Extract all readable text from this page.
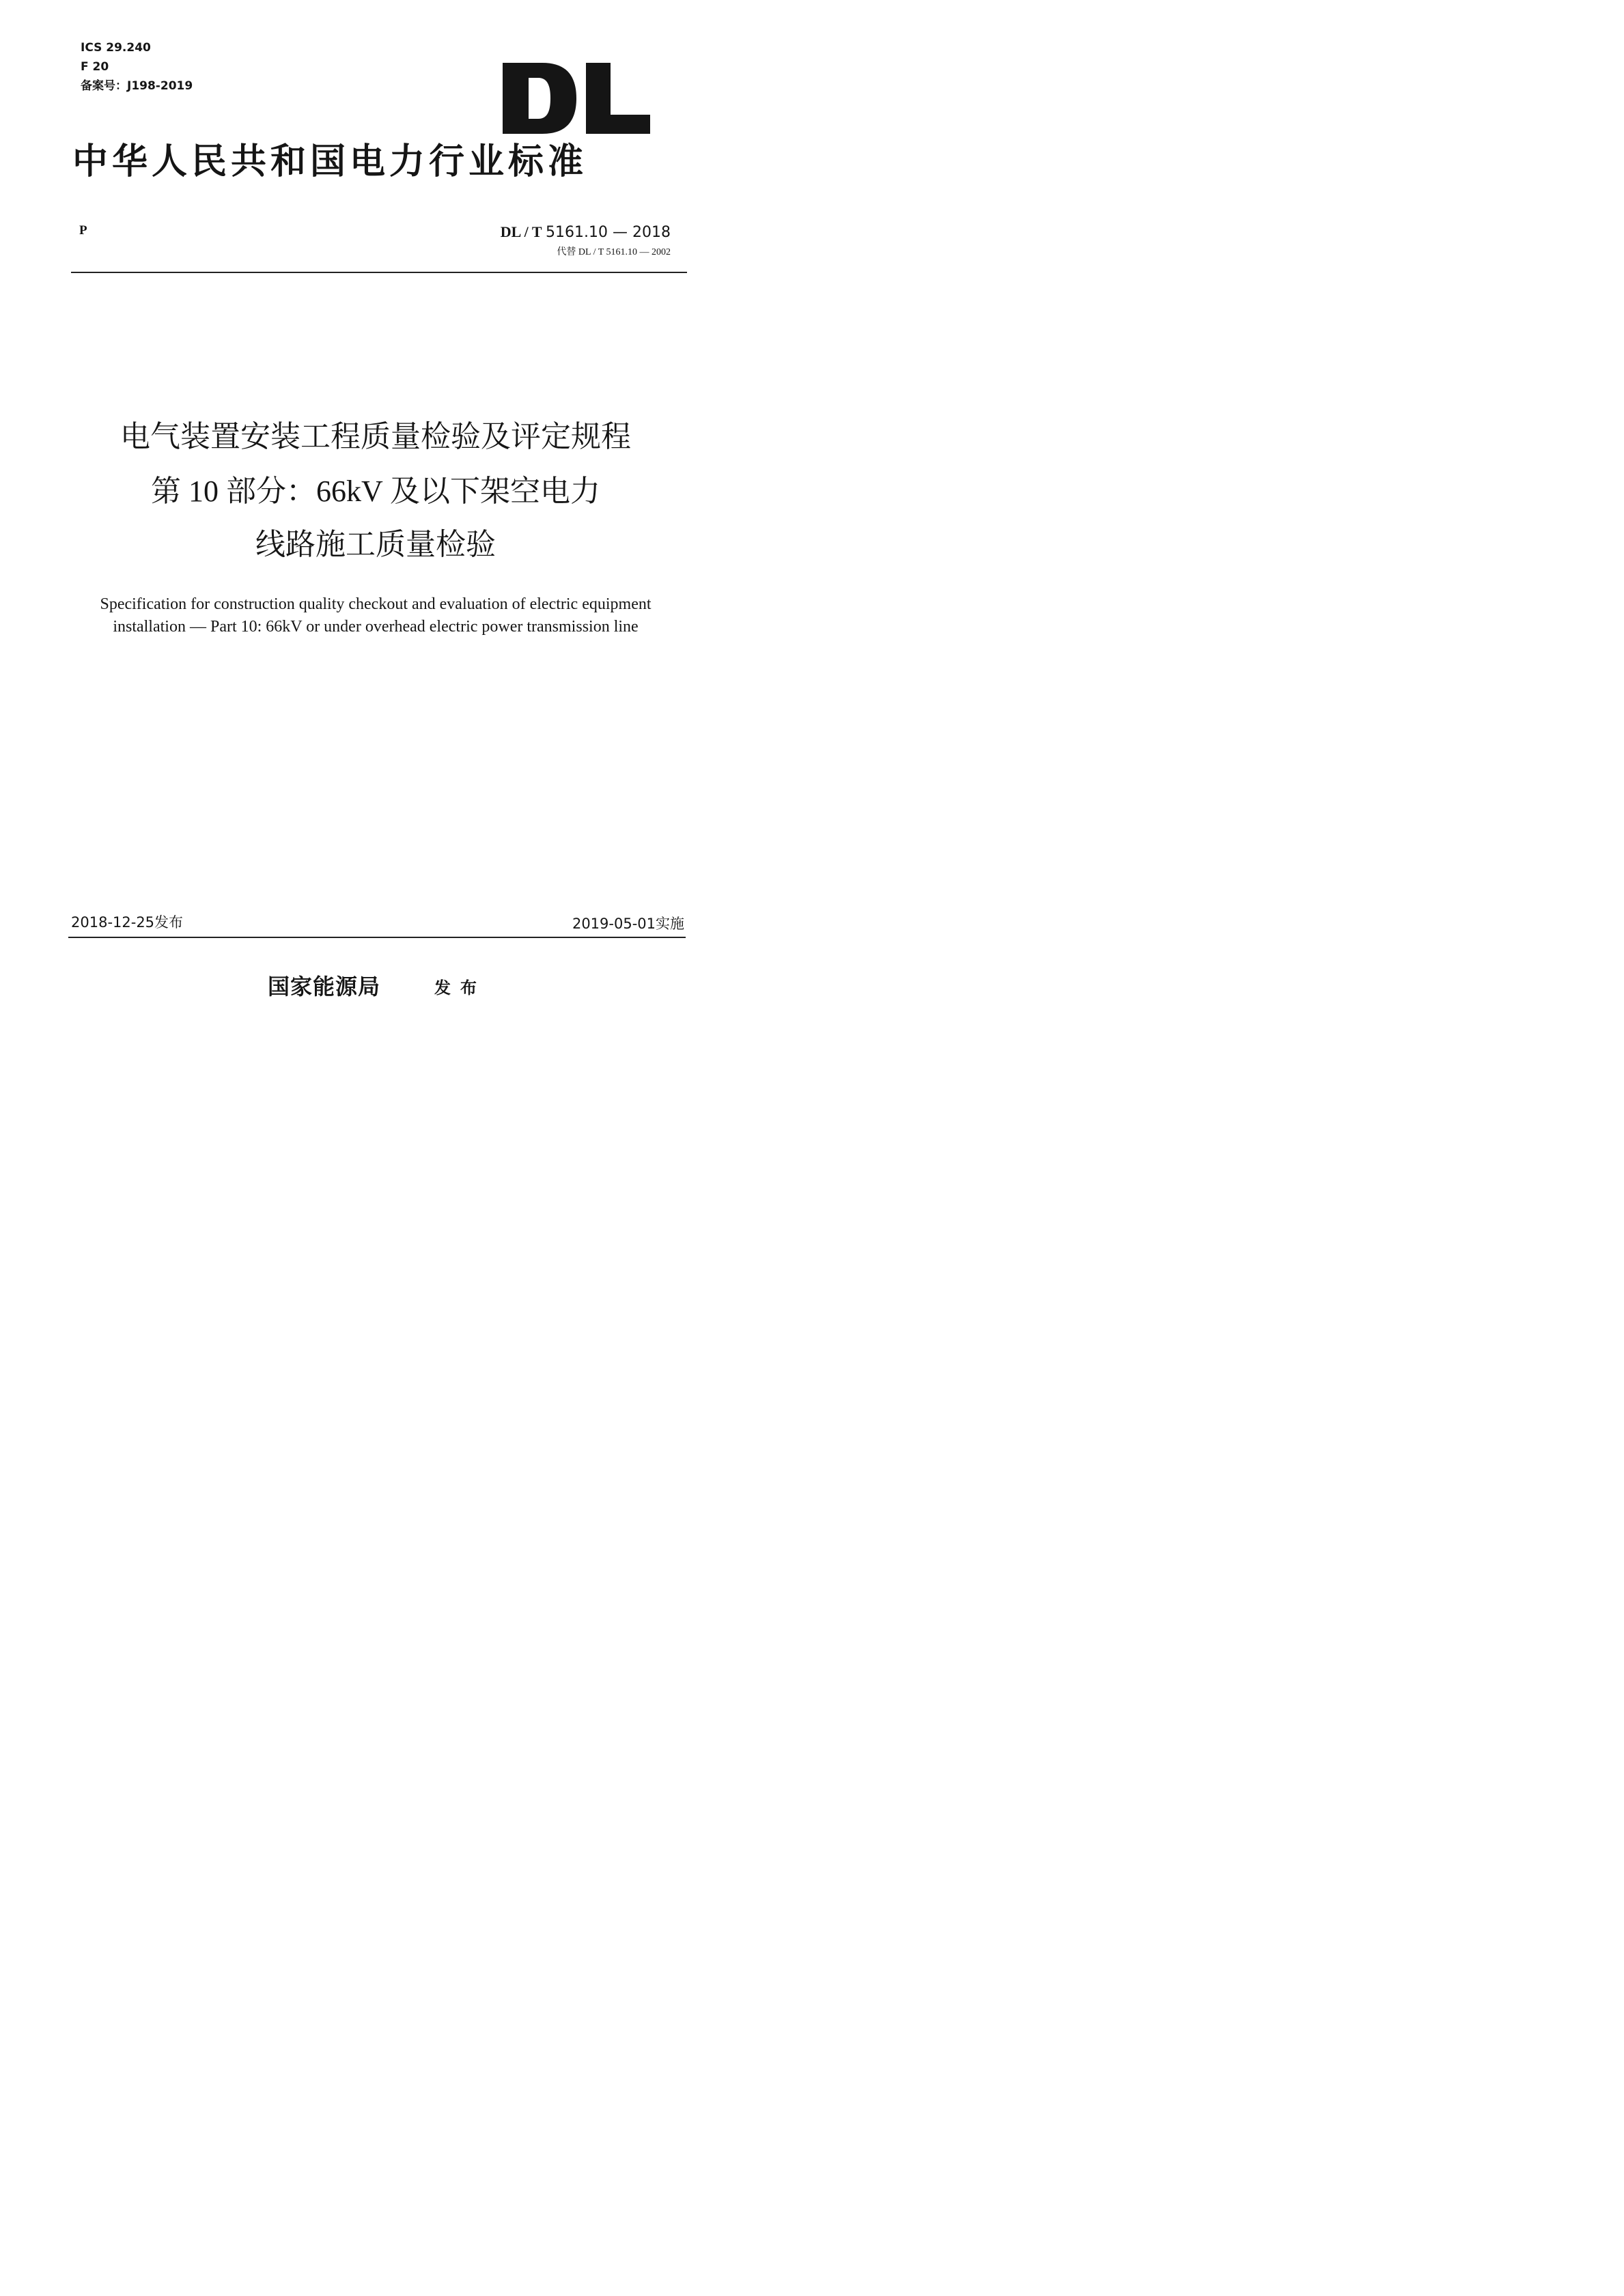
ICS 29.240
F 20
备案号：J198-2019
中华人民共和国电力行业标准
P	DL / T 5161.10 — 2018
代替 DL / T 5161.10 — 2002
电气装置安装工程质量检验及评定规程
第 10 部分：66kV 及以下架空电力
线路施工质量检验
Specification for construction quality checkout and evaluation of electric equipment
installation — Part 10: 66kV or under overhead electric power transmission line
2018-12-25发布	2019-05-01实施
国家能源局	发布
